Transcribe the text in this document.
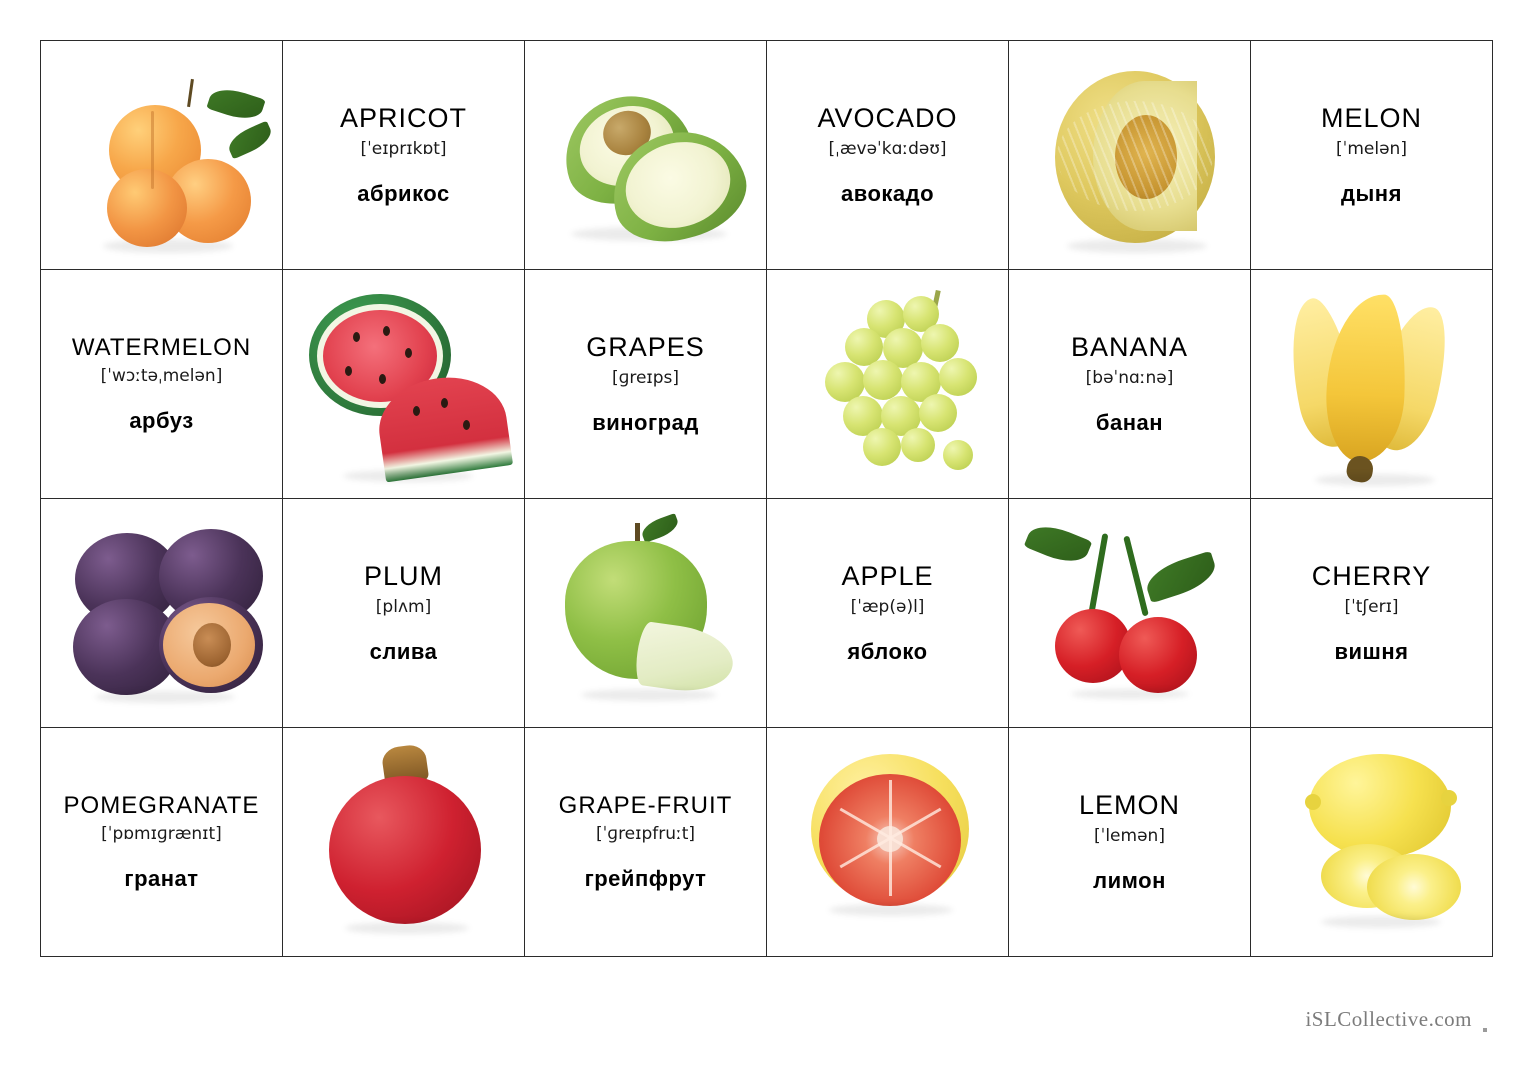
APRICOT
[ˈeɪprɪkɒt]
абрикос

AVOCADO
[ˌævəˈkɑːdəʊ]
авокадо

MELON
[ˈmelən]
дыня

WATERMELON
[ˈwɔːtəˌmelən]
арбуз

GRAPES
[ɡreɪps]
виноград

BANANA
[bəˈnɑːnə]
банан

PLUM
[plʌm]
слива

APPLE
[ˈæp(ə)l]
яблоко

CHERRY
[ˈtʃerɪ]
вишня

POMEGRANATE
[ˈpɒmɪɡrænɪt]
гранат

GRAPE-FRUIT
[ˈɡreɪpfruːt]
грейпфрут

LEMON
[ˈlemən]
лимон

iSLCollective.com
